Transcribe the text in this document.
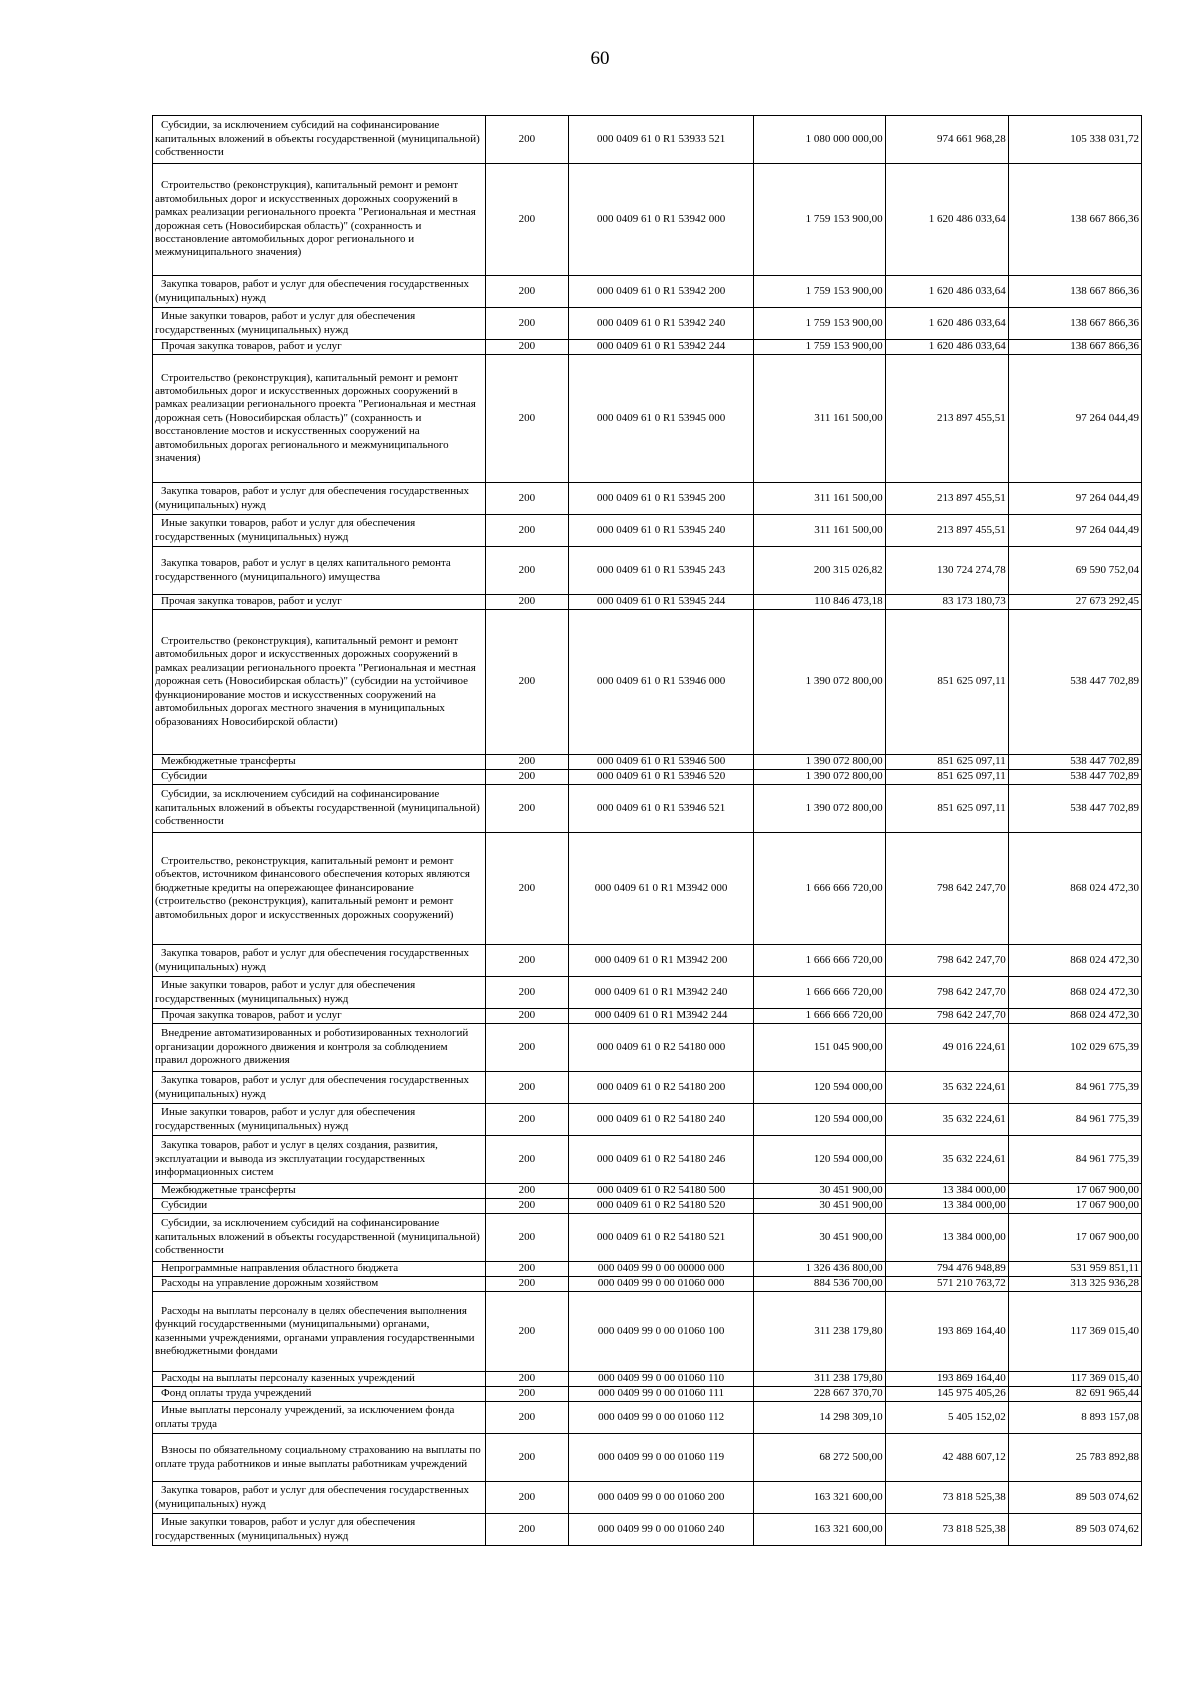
60
Субсидии, за исключением субсидий на софинансирование капитальных вложений в объекты государственной (муниципальной) собственности	200	000 0409 61 0 R1 53933 521	1 080 000 000,00	974 661 968,28	105 338 031,72
Строительство (реконструкция), капитальный ремонт и ремонт автомобильных дорог и искусственных дорожных сооружений в рамках реализации регионального проекта "Региональная и местная дорожная сеть (Новосибирская область)" (сохранность и восстановление автомобильных дорог регионального и межмуниципального значения)	200	000 0409 61 0 R1 53942 000	1 759 153 900,00	1 620 486 033,64	138 667 866,36
Закупка товаров, работ и услуг для обеспечения государственных (муниципальных) нужд	200	000 0409 61 0 R1 53942 200	1 759 153 900,00	1 620 486 033,64	138 667 866,36
Иные закупки товаров, работ и услуг для обеспечения государственных (муниципальных) нужд	200	000 0409 61 0 R1 53942 240	1 759 153 900,00	1 620 486 033,64	138 667 866,36
Прочая закупка товаров, работ и услуг	200	000 0409 61 0 R1 53942 244	1 759 153 900,00	1 620 486 033,64	138 667 866,36
Строительство (реконструкция), капитальный ремонт и ремонт автомобильных дорог и искусственных дорожных сооружений в рамках реализации регионального проекта "Региональная и местная дорожная сеть (Новосибирская область)" (сохранность и восстановление мостов и искусственных сооружений на автомобильных дорогах регионального и межмуниципального значения)	200	000 0409 61 0 R1 53945 000	311 161 500,00	213 897 455,51	97 264 044,49
Закупка товаров, работ и услуг для обеспечения государственных (муниципальных) нужд	200	000 0409 61 0 R1 53945 200	311 161 500,00	213 897 455,51	97 264 044,49
Иные закупки товаров, работ и услуг для обеспечения государственных (муниципальных) нужд	200	000 0409 61 0 R1 53945 240	311 161 500,00	213 897 455,51	97 264 044,49
Закупка товаров, работ и услуг в целях капитального ремонта государственного (муниципального) имущества	200	000 0409 61 0 R1 53945 243	200 315 026,82	130 724 274,78	69 590 752,04
Прочая закупка товаров, работ и услуг	200	000 0409 61 0 R1 53945 244	110 846 473,18	83 173 180,73	27 673 292,45
Строительство (реконструкция), капитальный ремонт и ремонт автомобильных дорог и искусственных дорожных сооружений в рамках реализации регионального проекта "Региональная и местная дорожная сеть (Новосибирская область)" (субсидии на устойчивое функционирование мостов и искусственных сооружений на автомобильных дорогах местного значения в муниципальных образованиях Новосибирской области)	200	000 0409 61 0 R1 53946 000	1 390 072 800,00	851 625 097,11	538 447 702,89
Межбюджетные трансферты	200	000 0409 61 0 R1 53946 500	1 390 072 800,00	851 625 097,11	538 447 702,89
Субсидии	200	000 0409 61 0 R1 53946 520	1 390 072 800,00	851 625 097,11	538 447 702,89
Субсидии, за исключением субсидий на софинансирование капитальных вложений в объекты государственной (муниципальной) собственности	200	000 0409 61 0 R1 53946 521	1 390 072 800,00	851 625 097,11	538 447 702,89
Строительство, реконструкция, капитальный ремонт и ремонт объектов, источником финансового обеспечения которых являются бюджетные кредиты на опережающее финансирование (строительство (реконструкция), капитальный ремонт и ремонт автомобильных дорог и искусственных дорожных сооружений)	200	000 0409 61 0 R1 M3942 000	1 666 666 720,00	798 642 247,70	868 024 472,30
Закупка товаров, работ и услуг для обеспечения государственных (муниципальных) нужд	200	000 0409 61 0 R1 M3942 200	1 666 666 720,00	798 642 247,70	868 024 472,30
Иные закупки товаров, работ и услуг для обеспечения государственных (муниципальных) нужд	200	000 0409 61 0 R1 M3942 240	1 666 666 720,00	798 642 247,70	868 024 472,30
Прочая закупка товаров, работ и услуг	200	000 0409 61 0 R1 M3942 244	1 666 666 720,00	798 642 247,70	868 024 472,30
Внедрение автоматизированных и роботизированных технологий организации дорожного движения и контроля за соблюдением правил дорожного движения	200	000 0409 61 0 R2 54180 000	151 045 900,00	49 016 224,61	102 029 675,39
Закупка товаров, работ и услуг для обеспечения государственных (муниципальных) нужд	200	000 0409 61 0 R2 54180 200	120 594 000,00	35 632 224,61	84 961 775,39
Иные закупки товаров, работ и услуг для обеспечения государственных (муниципальных) нужд	200	000 0409 61 0 R2 54180 240	120 594 000,00	35 632 224,61	84 961 775,39
Закупка товаров, работ и услуг в целях создания, развития, эксплуатации и вывода из эксплуатации государственных информационных систем	200	000 0409 61 0 R2 54180 246	120 594 000,00	35 632 224,61	84 961 775,39
Межбюджетные трансферты	200	000 0409 61 0 R2 54180 500	30 451 900,00	13 384 000,00	17 067 900,00
Субсидии	200	000 0409 61 0 R2 54180 520	30 451 900,00	13 384 000,00	17 067 900,00
Субсидии, за исключением субсидий на софинансирование капитальных вложений в объекты государственной (муниципальной) собственности	200	000 0409 61 0 R2 54180 521	30 451 900,00	13 384 000,00	17 067 900,00
Непрограммные направления областного бюджета	200	000 0409 99 0 00 00000 000	1 326 436 800,00	794 476 948,89	531 959 851,11
Расходы на управление дорожным хозяйством	200	000 0409 99 0 00 01060 000	884 536 700,00	571 210 763,72	313 325 936,28
Расходы на выплаты персоналу в целях обеспечения выполнения функций государственными (муниципальными) органами, казенными учреждениями, органами управления государственными внебюджетными фондами	200	000 0409 99 0 00 01060 100	311 238 179,80	193 869 164,40	117 369 015,40
Расходы на выплаты персоналу казенных учреждений	200	000 0409 99 0 00 01060 110	311 238 179,80	193 869 164,40	117 369 015,40
Фонд оплаты труда учреждений	200	000 0409 99 0 00 01060 111	228 667 370,70	145 975 405,26	82 691 965,44
Иные выплаты персоналу учреждений, за исключением фонда оплаты труда	200	000 0409 99 0 00 01060 112	14 298 309,10	5 405 152,02	8 893 157,08
Взносы по обязательному социальному страхованию на выплаты по оплате труда работников и иные выплаты работникам учреждений	200	000 0409 99 0 00 01060 119	68 272 500,00	42 488 607,12	25 783 892,88
Закупка товаров, работ и услуг для обеспечения государственных (муниципальных) нужд	200	000 0409 99 0 00 01060 200	163 321 600,00	73 818 525,38	89 503 074,62
Иные закупки товаров, работ и услуг для обеспечения государственных (муниципальных) нужд	200	000 0409 99 0 00 01060 240	163 321 600,00	73 818 525,38	89 503 074,62
